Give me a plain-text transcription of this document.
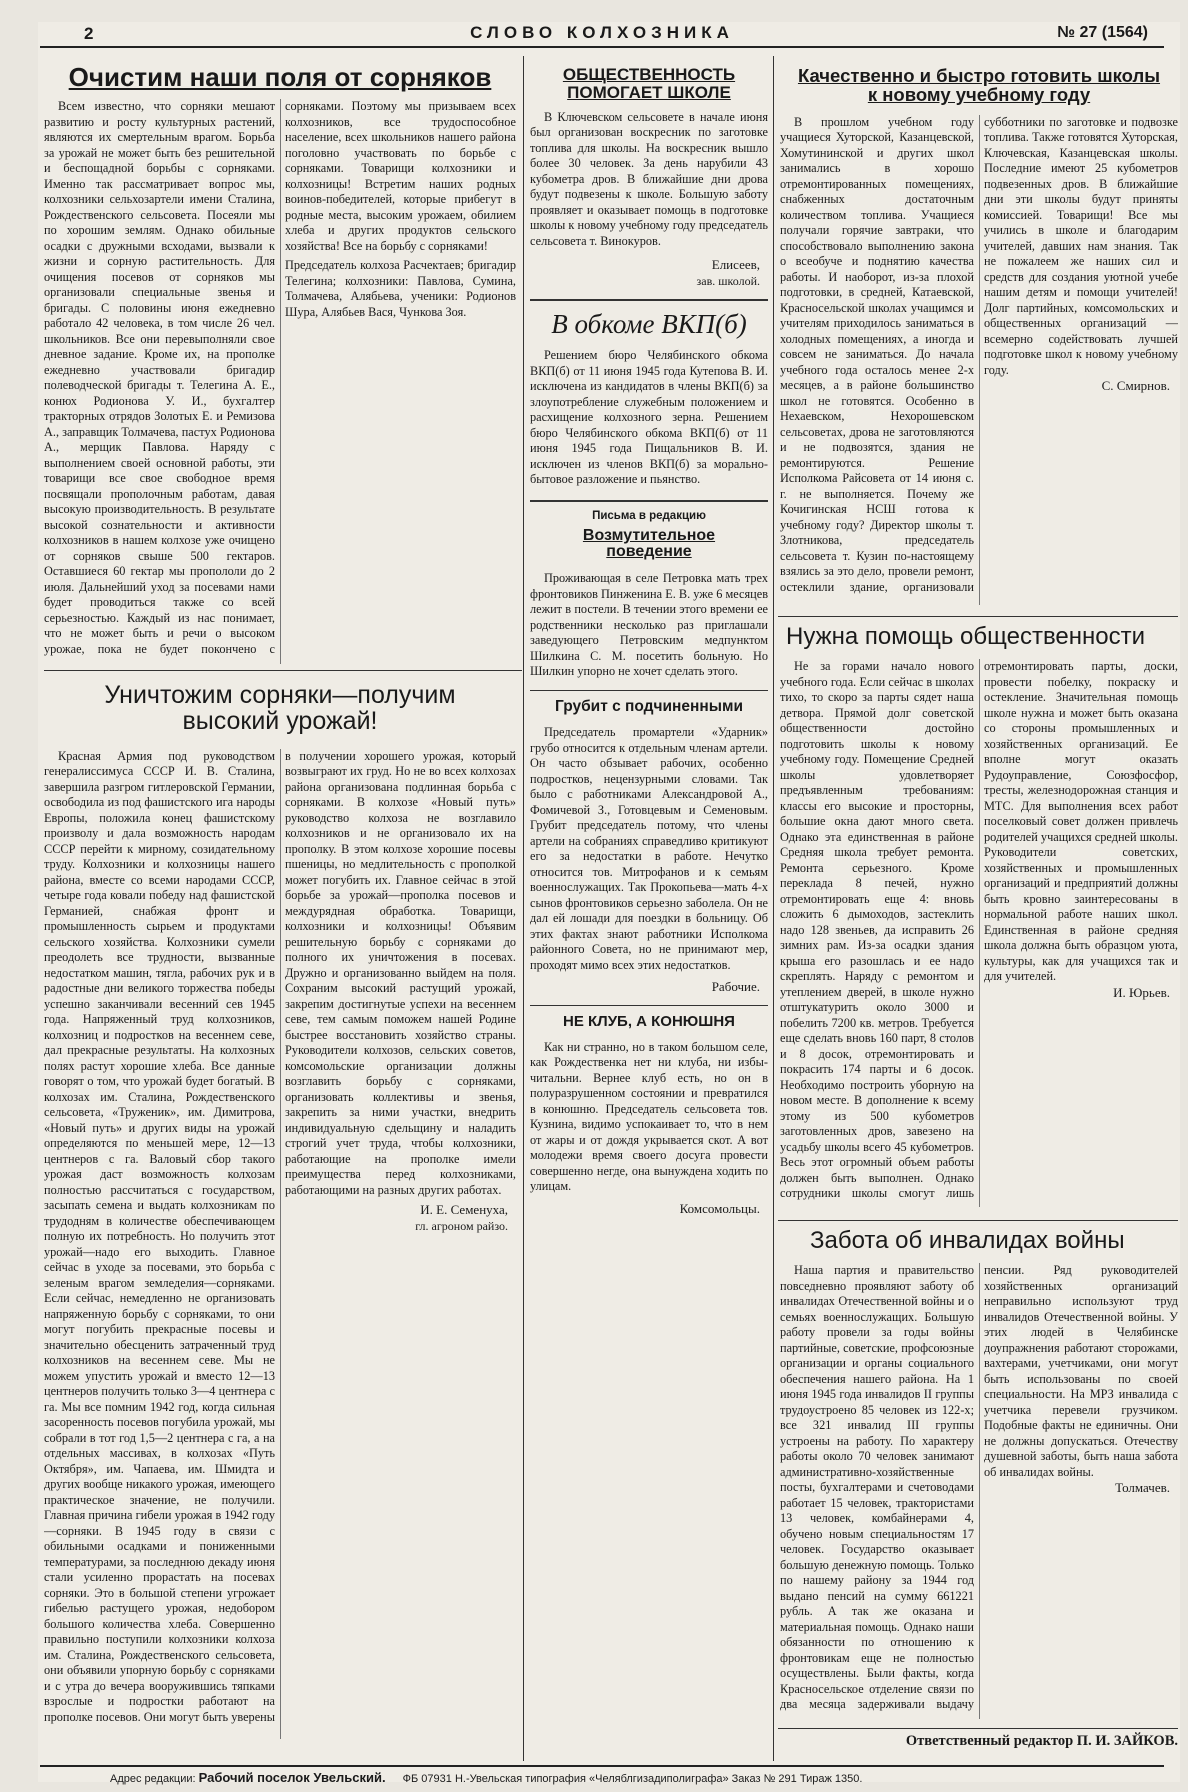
2	СЛОВО КОЛХОЗНИКА	№ 27 (1564)
Очистим наши поля от сорняков
Всем известно, что сорняки мешают развитию и росту культурных растений, являются их смертельным врагом. Борьба за урожай не может быть без решительной и беспощадной борьбы с сорняками. Именно так рассматривает вопрос мы, колхозники сельхозартели имени Сталина, Рождественского сельсовета. Посеяли мы по хорошим землям. Однако обильные осадки с дружными всходами, вызвали к жизни и сорную растительность. Для очищения посевов от сорняков мы организовали специальные звенья и бригады. С половины июня ежедневно работало 42 человека, в том числе 26 чел. школьников. Все они перевыполняли свое дневное задание. Кроме их, на прополке ежедневно участвовали бригадир полеводческой бригады т. Телегина А. Е., конюх Родионова У. И., бухгалтер тракторных отрядов Золотых Е. и Ремизова А., заправщик Толмачева, пастух Родионова А., мерщик Павлова. Наряду с выполнением своей основной работы, эти товарищи все свое свободное время посвящали прополочным работам, давая высокую производительность. В результате высокой сознательности и активности колхозников в нашем колхозе уже очищено от сорняков свыше 500 гектаров. Оставшиеся 60 гектар мы пропололи до 2 июля. Дальнейший уход за посевами нами будет проводиться также со всей серьезностью. Каждый из нас понимает, что не может быть и речи о высоком урожае, пока не будет покончено с сорняками. Поэтому мы призываем всех колхозников, все трудоспособное население, всех школьников нашего района поголовно участвовать по борьбе с сорняками. Товарищи колхозники и колхозницы! Встретим наших родных воинов-победителей, которые прибегут в родные места, высоким урожаем, обилием хлеба и других продуктов сельского хозяйства! Все на борьбу с сорняками!
Председатель колхоза Расчектаев; бригадир Телегина; колхозники: Павлова, Сумина, Толмачева, Алябьева, ученики: Родионов Шура, Алябьев Вася, Чункова Зоя.
Уничтожим сорняки—получим высокий урожай!
Красная Армия под руководством генералиссимуса СССР И. В. Сталина, завершила разгром гитлеровской Германии, освободила из под фашистского ига народы Европы, положила конец фашистскому произволу и дала возможность народам СССР перейти к мирному, созидательному труду. Колхозники и колхозницы нашего района, вместе со всеми народами СССР, четыре года ковали победу над фашистской Германией, снабжая фронт и промышленность сырьем и продуктами сельского хозяйства. Колхозники сумели преодолеть все трудности, вызванные недостатком машин, тягла, рабочих рук и в радостные дни великого торжества победы успешно заканчивали весенний сев 1945 года. Напряженный труд колхозников, колхозниц и подростков на весеннем севе, дал прекрасные результаты. На колхозных полях растут хорошие хлеба. Все данные говорят о том, что урожай будет богатый. В колхозах им. Сталина, Рождественского сельсовета, «Труженик», им. Димитрова, «Новый путь» и других виды на урожай определяются по меньшей мере, 12—13 центнеров с га. Валовый сбор такого урожая даст возможность колхозам полностью рассчитаться с государством, засыпать семена и выдать колхозникам по трудодням в количестве обеспечивающем полную их потребность. Но получить этот урожай—надо его выходить. Главное сейчас в уходе за посевами, это борьба с зеленым врагом земледелия—сорняками. Если сейчас, немедленно не организовать напряженную борьбу с сорняками, то они могут погубить прекрасные посевы и значительно обесценить затраченный труд колхозников на весеннем севе. Мы не можем упустить урожай и вместо 12—13 центнеров получить только 3—4 центнера с га. Мы все помним 1942 год, когда сильная засоренность посевов погубила урожай, мы собрали в тот год 1,5—2 центнера с га, а на отдельных массивах, в колхозах «Путь Октября», им. Чапаева, им. Шмидта и других вообще никакого урожая, имеющего практическое значение, не получили. Главная причина гибели урожая в 1942 году—сорняки. В 1945 году в связи с обильными осадками и пониженными температурами, за последнюю декаду июня стали усиленно прорастать на посевах сорняки. Это в большой степени угрожает гибелью растущего урожая, недобором большого количества хлеба. Совершенно правильно поступили колхозники колхоза им. Сталина, Рождественского сельсовета, они объявили упорную борьбу с сорняками и с утра до вечера вооружившись тяпками взрослые и подростки работают на прополке посевов. Они могут быть уверены в получении хорошего урожая, который возвыграют их груд. Но не во всех колхозах района организована подлинная борьба с сорняками. В колхозе «Новый путь» руководство колхоза не возглавило колхозников и не организовало их на прополку. В этом колхозе хорошие посевы пшеницы, но медлительность с прополкой может погубить их. Главное сейчас в этой борьбе за урожай—прополка посевов и междурядная обработка. Товарищи, колхозники и колхозницы! Объявим решительную борьбу с сорняками до полного их уничтожения в посевах. Дружно и организованно выйдем на поля. Сохраним высокий растущий урожай, закрепим достигнутые успехи на весеннем севе, тем самым поможем нашей Родине быстрее восстановить хозяйство страны. Руководители колхозов, сельских советов, комсомольские организации должны возглавить борьбу с сорняками, организовать коллективы и звенья, закрепить за ними участки, внедрить индивидуальную сдельщину и наладить строгий учет труда, чтобы колхозники, работающие на прополке имели преимущества перед колхозниками, работающими на разных других работах.
И. Е. Семенуха,
гл. агроном райзо.
ОБЩЕСТВЕННОСТЬ ПОМОГАЕТ ШКОЛЕ
В Ключевском сельсовете в начале июня был организован воскресник по заготовке топлива для школы. На воскресник вышло более 30 человек. За день нарубили 43 кубометра дров. В ближайшие дни дрова будут подвезены к школе. Большую заботу проявляет и оказывает помощь в подготовке школы к новому учебному году председатель сельсовета т. Винокуров.
Елисеев,
зав. школой.
В обкоме ВКП(б)
Решением бюро Челябинского обкома ВКП(б) от 11 июня 1945 года Кутепова В. И. исключена из кандидатов в члены ВКП(б) за злоупотребление служебным положением и расхищение колхозного зерна. Решением бюро Челябинского обкома ВКП(б) от 11 июня 1945 года Пищальников В. И. исключен из членов ВКП(б) за морально-бытовое разложение и пьянство.
Письма в редакцию
Возмутительное поведение
Проживающая в селе Петровка мать трех фронтовиков Пинженина Е. В. уже 6 месяцев лежит в постели. В течении этого времени ее родственники несколько раз приглашали заведующего Петровским медпунктом Шилкина С. М. посетить больную. Но Шилкин упорно не хочет сделать этого.
Грубит с подчиненными
Председатель промартели «Ударник» грубо относится к отдельным членам артели. Он часто обзывает рабочих, особенно подростков, нецензурными словами. Так было с работниками Александровой А., Фомичевой З., Готовцевым и Семеновым. Грубит председатель потому, что члены артели на собраниях справедливо критикуют его за недостатки в работе. Нечутко относится тов. Митрофанов и к семьям военнослужащих. Так Прокопьева—мать 4-х сынов фронтовиков серьезно заболела. Он не дал ей лошади для поездки в больницу. Об этих фактах знают работники Исполкома районного Совета, но не принимают мер, проходят мимо всех этих недостатков.
Рабочие.
НЕ КЛУБ, А КОНЮШНЯ
Как ни странно, но в таком большом селе, как Рождественка нет ни клуба, ни избы-читальни. Вернее клуб есть, но он в полуразрушенном состоянии и превратился в конюшню. Председатель сельсовета тов. Кузнина, видимо успокаивает то, что в нем от жары и от дождя укрывается скот. А вот молодежи время своего досуга провести совершенно негде, она вынуждена ходить по улицам.
Комсомольцы.
Качественно и быстро готовить школы к новому учебному году
В прошлом учебном году учащиеся Хуторской, Казанцевской, Хомутининской и других школ занимались в хорошо отремонтированных помещениях, снабженных достаточным количеством топлива. Учащиеся получали горячие завтраки, что способствовало выполнению закона о всеобуче и поднятию качества работы. И наоборот, из-за плохой подготовки, в средней, Катаевской, Красносельской школах учащимся и учителям приходилось заниматься в холодных помещениях, а иногда и совсем не заниматься. До начала учебного года осталось менее 2-х месяцев, а в районе большинство школ не готовятся. Особенно в Нехаевском, Нехорошевском сельсоветах, дрова не заготовляются и не подвозятся, здания не ремонтируются. Решение Исполкома Райсовета от 14 июня с. г. не выполняется. Почему же Кочигинская НСШ готова к учебному году? Директор школы т. Злотникова, председатель сельсовета т. Кузин по-настоящему взялись за это дело, провели ремонт, остеклили здание, организовали субботники по заготовке и подвозке топлива. Также готовятся Хуторская, Ключевская, Казанцевская школы. Последние имеют 25 кубометров подвезенных дров. В ближайшие дни эти школы будут приняты комиссией. Товарищи! Все мы учились в школе и благодарим учителей, давших нам знания. Так не пожалеем же наших сил и средств для создания уютной учебе нашим детям и помощи учителей! Долг партийных, комсомольских и общественных организаций — всемерно содействовать лучшей подготовке школ к новому учебному году.
С. Смирнов.
Нужна помощь общественности
Не за горами начало нового учебного года. Если сейчас в школах тихо, то скоро за парты сядет наша детвора. Прямой долг советской общественности достойно подготовить школы к новому учебному году. Помещение Средней школы удовлетворяет предъявленным требованиям: классы его высокие и просторны, большие окна дают много света. Однако эта единственная в районе Средняя школа требует ремонта. Ремонта серьезного. Кроме переклада 8 печей, нужно отремонтировать еще 4: вновь сложить 6 дымоходов, застеклить надо 128 звеньев, да исправить 26 зимних рам. Из-за осадки здания крыша его разошлась и ее надо скреплять. Наряду с ремонтом и утеплением дверей, в школе нужно отштукатурить около 3000 и побелить 7200 кв. метров. Требуется еще сделать вновь 160 парт, 8 столов и 8 досок, отремонтировать и покрасить 174 парты и 6 досок. Необходимо построить уборную на новом месте. В дополнение к всему этому из 500 кубометров заготовленных дров, завезено на усадьбу школы всего 45 кубометров. Весь этот огромный объем работы должен быть выполнен. Однако сотрудники школы смогут лишь отремонтировать парты, доски, провести побелку, покраску и остекление. Значительная помощь школе нужна и может быть оказана со стороны промышленных и хозяйственных организаций. Ее вполне могут оказать Рудоуправление, Союзфосфор, тресты, железнодорожная станция и МТС. Для выполнения всех работ поселковый совет должен привлечь родителей учащихся средней школы. Руководители советских, хозяйственных и промышленных организаций и предприятий должны быть кровно заинтересованы в нормальной работе наших школ. Единственная в районе средняя школа должна быть образцом уюта, культуры, как для учащихся так и для учителей.
И. Юрьев.
Забота об инвалидах войны
Наша партия и правительство повседневно проявляют заботу об инвалидах Отечественной войны и о семьях военнослужащих. Большую работу провели за годы войны партийные, советские, профсоюзные организации и органы социального обеспечения нашего района. На 1 июня 1945 года инвалидов II группы трудоустроено 85 человек из 122-х; все 321 инвалид III группы устроены на работу. По характеру работы около 70 человек занимают административно-хозяйственные посты, бухгалтерами и счетоводами работает 15 человек, трактористами 13 человек, комбайнерами 4, обучено новым специальностям 17 человек. Государство оказывает большую денежную помощь. Только по нашему району за 1944 год выдано пенсий на сумму 661221 рубль. А так же оказана и материальная помощь. Однако наши обязанности по отношению к фронтовикам еще не полностью осуществлены. Были факты, когда Красносельское отделение связи по два месяца задерживали выдачу пенсии. Ряд руководителей хозяйственных организаций неправильно используют труд инвалидов Отечественной войны. У этих людей в Челябинске доупражнения работают сторожами, вахтерами, учетчиками, они могут быть использованы по своей специальности. На МРЗ инвалида с учетчика перевели грузчиком. Подобные факты не единичны. Они не должны допускаться. Отечеству душевной заботы, быть наша забота об инвалидах войны.
Толмачев.
Ответственный редактор П. И. ЗАЙКОВ.
Адрес редакции: Рабочий поселок Увельский. ФБ 07931 Н.-Увельская типография «Челяблгизадиполиграфа» Заказ № 291 Тираж 1350.
